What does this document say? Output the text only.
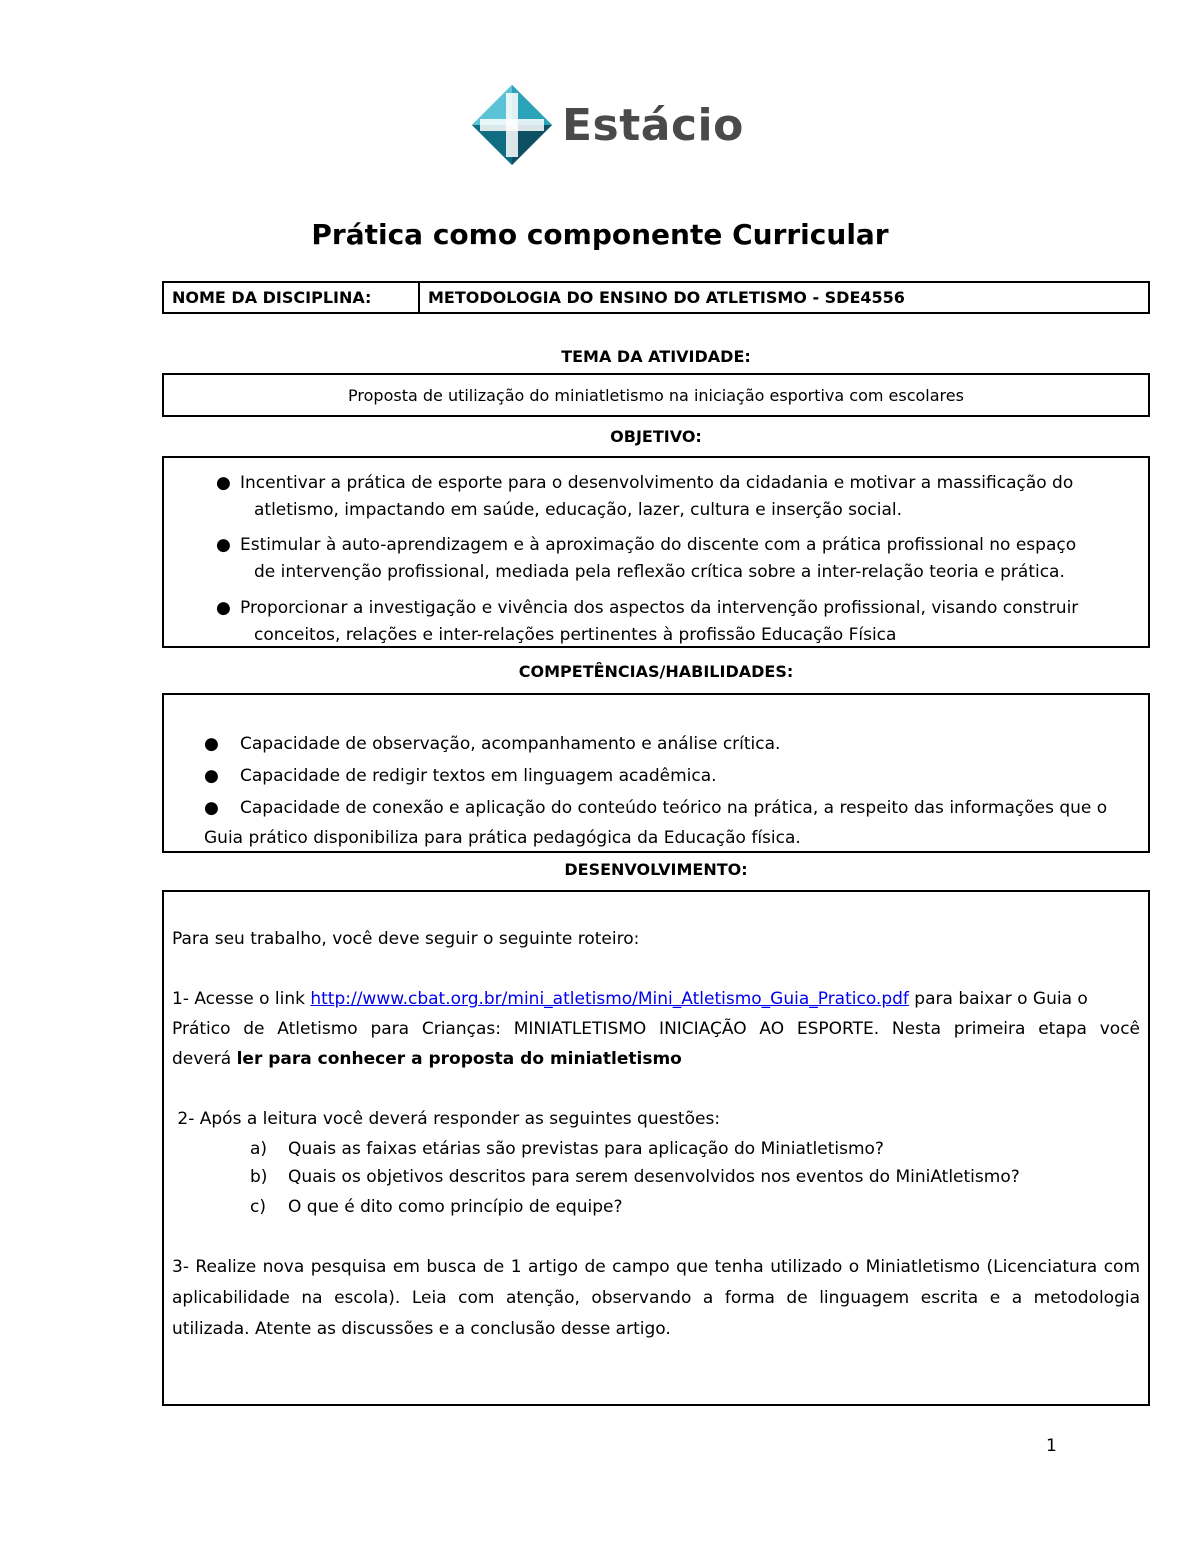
Estácio
Prática como componente Curricular
NOME DA DISCIPLINA:	METODOLOGIA DO ENSINO DO ATLETISMO - SDE4556
TEMA DA ATIVIDADE:
Proposta de utilização do miniatletismo na iniciação esportiva com escolares
OBJETIVO:
● Incentivar a prática de esporte para o desenvolvimento da cidadania e motivar a massificação do
atletismo, impactando em saúde, educação, lazer, cultura e inserção social.
● Estimular à auto-aprendizagem e à aproximação do discente com a prática profissional no espaço
de intervenção profissional, mediada pela reflexão crítica sobre a inter-relação teoria e prática.
● Proporcionar a investigação e vivência dos aspectos da intervenção profissional, visando construir
conceitos, relações e inter-relações pertinentes à profissão Educação Física
COMPETÊNCIAS/HABILIDADES:
●	Capacidade de observação, acompanhamento e análise crítica.
●	Capacidade de redigir textos em linguagem acadêmica.
●	Capacidade de conexão e aplicação do conteúdo teórico na prática, a respeito das informações que o
Guia prático disponibiliza para prática pedagógica da Educação física.
DESENVOLVIMENTO:
Para seu trabalho, você deve seguir o seguinte roteiro:
1- Acesse o link http://www.cbat.org.br/mini_atletismo/Mini_Atletismo_Guia_Pratico.pdf para baixar o Guia o
Prático de Atletismo para Crianças: MINIATLETISMO INICIAÇÃO AO ESPORTE. Nesta primeira etapa você
deverá ler para conhecer a proposta do miniatletismo
2- Após a leitura você deverá responder as seguintes questões:
a) Quais as faixas etárias são previstas para aplicação do Miniatletismo?
b) Quais os objetivos descritos para serem desenvolvidos nos eventos do MiniAtletismo?
c) O que é dito como princípio de equipe?
3- Realize nova pesquisa em busca de 1 artigo de campo que tenha utilizado o Miniatletismo (Licenciatura com
aplicabilidade na escola). Leia com atenção, observando a forma de linguagem escrita e a metodologia
utilizada. Atente as discussões e a conclusão desse artigo.
1
